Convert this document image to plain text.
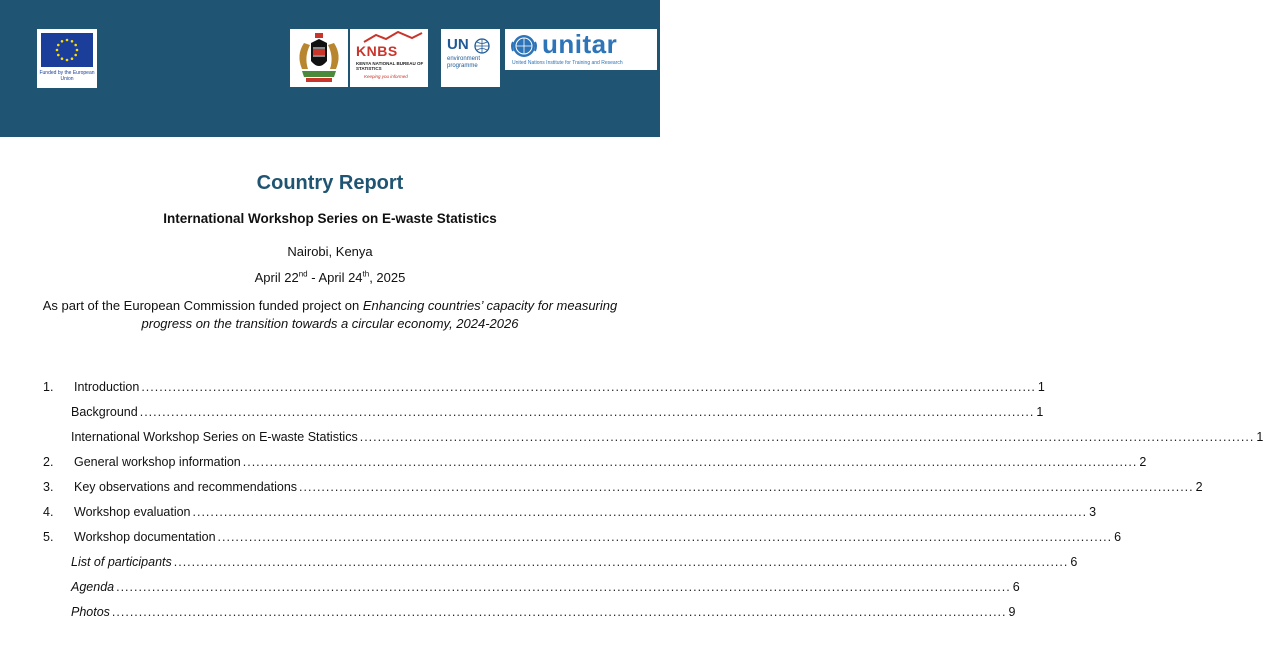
Funded by the European Union
KNBS
KENYA NATIONAL BUREAU OF STATISTICS
Keeping you informed
UN
environment programme
unitar
United Nations Institute for Training and Research
Country Report
International Workshop Series on E-waste Statistics
Nairobi, Kenya
April 22nd - April 24th, 2025
As part of the European Commission funded project on Enhancing countries’ capacity for measuring progress on the transition towards a circular economy, 2024-2026
1. Introduction ........................................................................................................................................................................................................ 1
Background ........................................................................................................................................................................................................ 1
International Workshop Series on E-waste Statistics ........................................................................................................................................................................................................ 1
2. General workshop information ........................................................................................................................................................................................................ 2
3. Key observations and recommendations ........................................................................................................................................................................................................ 2
4. Workshop evaluation ........................................................................................................................................................................................................ 3
5. Workshop documentation ........................................................................................................................................................................................................ 6
List of participants ........................................................................................................................................................................................................ 6
Agenda ........................................................................................................................................................................................................ 6
Photos ........................................................................................................................................................................................................ 9
